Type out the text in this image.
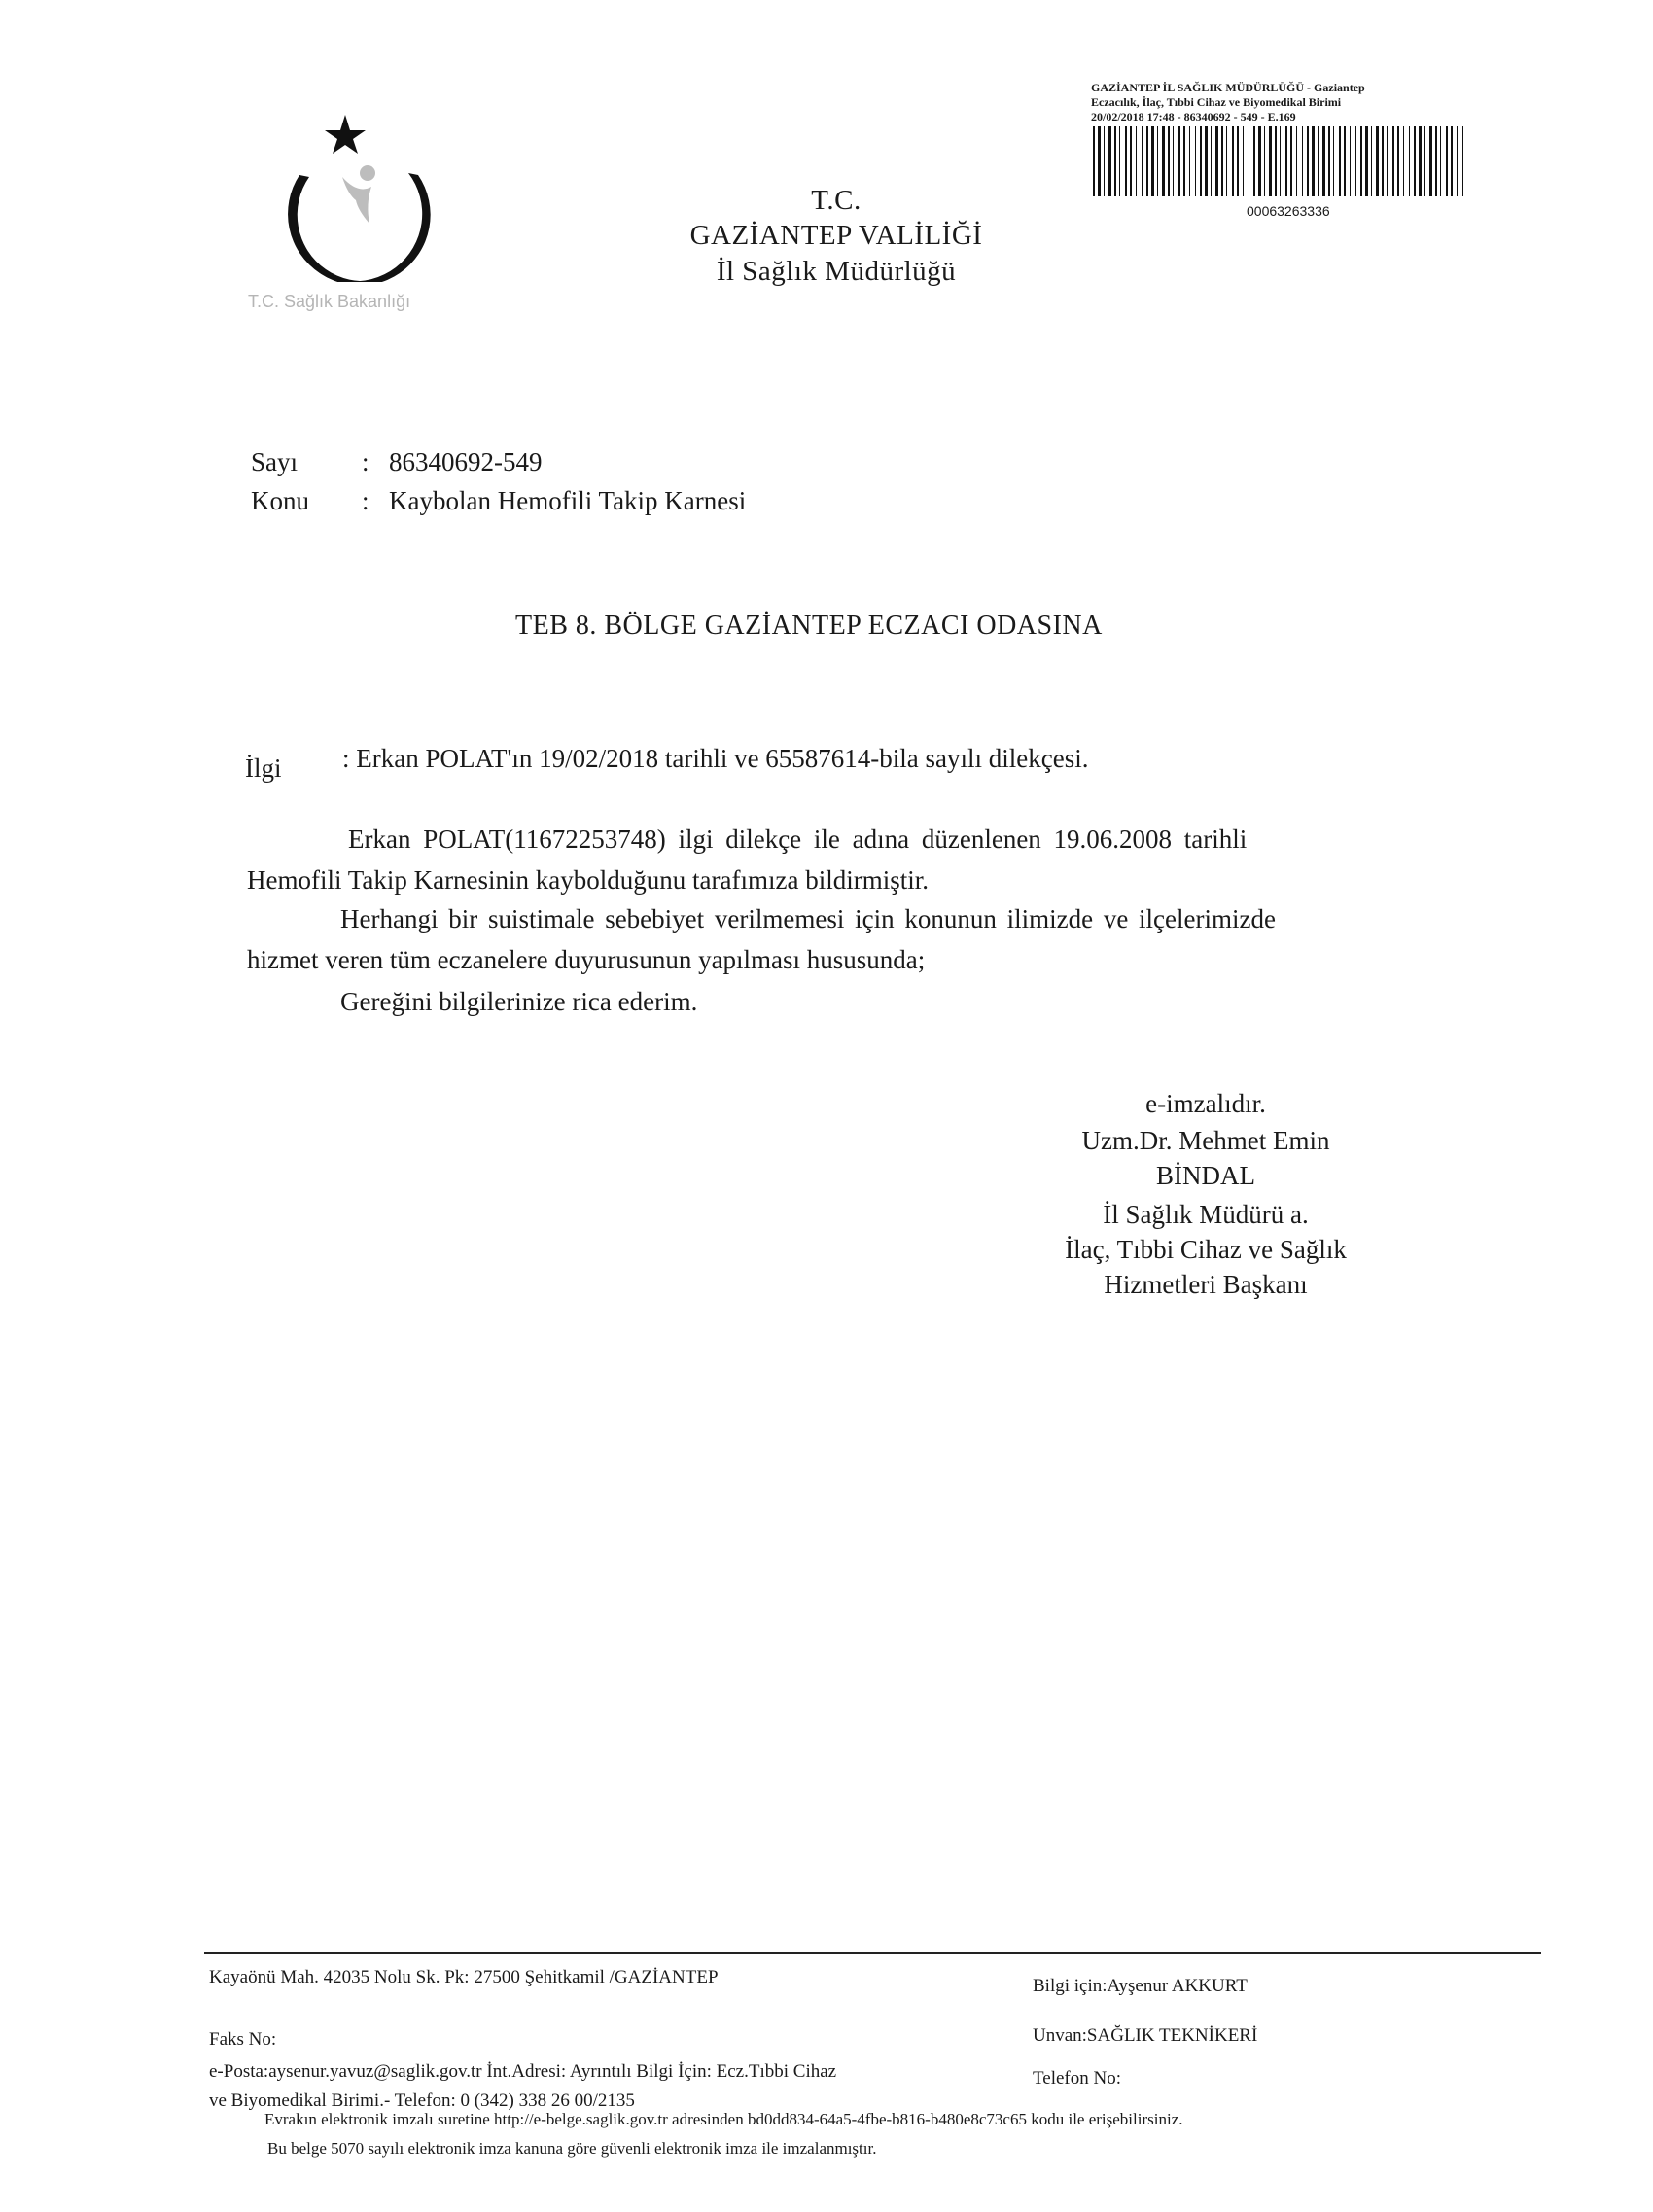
T.C. Sağlık Bakanlığı
T.C.
GAZİANTEP VALİLİĞİ
İl Sağlık Müdürlüğü
GAZİANTEP İL SAĞLIK MÜDÜRLÜĞÜ - Gaziantep
Eczacılık, İlaç, Tıbbi Cihaz ve Biyomedikal Birimi
20/02/2018 17:48 - 86340692 - 549 - E.169
00063263336
Sayı : 86340692-549
Konu : Kaybolan Hemofili Takip Karnesi
TEB 8. BÖLGE GAZİANTEP ECZACI ODASINA
İlgi : Erkan POLAT'ın 19/02/2018 tarihli ve 65587614-bila sayılı dilekçesi.
Erkan POLAT(11672253748) ilgi dilekçe ile adına düzenlenen 19.06.2008 tarihli
Hemofili Takip Karnesinin kaybolduğunu tarafımıza bildirmiştir.
Herhangi bir suistimale sebebiyet verilmemesi için konunun ilimizde ve ilçelerimizde
hizmet veren tüm eczanelere duyurusunun yapılması hususunda;
Gereğini bilgilerinize rica ederim.
e-imzalıdır.
Uzm.Dr. Mehmet Emin
BİNDAL
İl Sağlık Müdürü a.
İlaç, Tıbbi Cihaz ve Sağlık
Hizmetleri Başkanı
Kayaönü Mah. 42035 Nolu Sk. Pk: 27500 Şehitkamil /GAZİANTEP	Bilgi için:Ayşenur AKKURT
Faks No:	Unvan:SAĞLIK TEKNİKERİ
e-Posta:aysenur.yavuz@saglik.gov.tr İnt.Adresi: Ayrıntılı Bilgi İçin: Ecz.Tıbbi Cihaz	Telefon No:
ve Biyomedikal Birimi.- Telefon: 0 (342) 338 26 00/2135
Evrakın elektronik imzalı suretine http://e-belge.saglik.gov.tr adresinden bd0dd834-64a5-4fbe-b816-b480e8c73c65 kodu ile erişebilirsiniz.
Bu belge 5070 sayılı elektronik imza kanuna göre güvenli elektronik imza ile imzalanmıştır.
